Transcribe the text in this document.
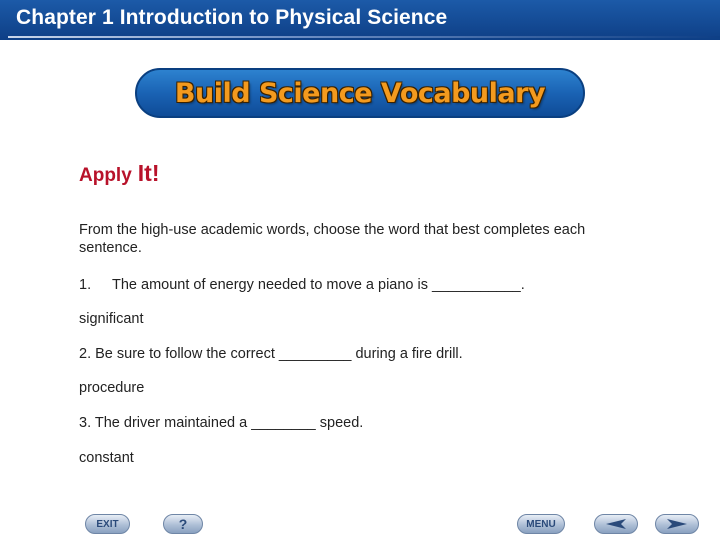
Chapter 1 Introduction to Physical Science
Build Science Vocabulary
Apply It!
From the high-use academic words, choose the word that best completes each sentence.
1. The amount of energy needed to move a piano is ___________.
significant
2. Be sure to follow the correct _________ during a fire drill.
procedure
3. The driver maintained a ________ speed.
constant
EXIT	?	MENU
